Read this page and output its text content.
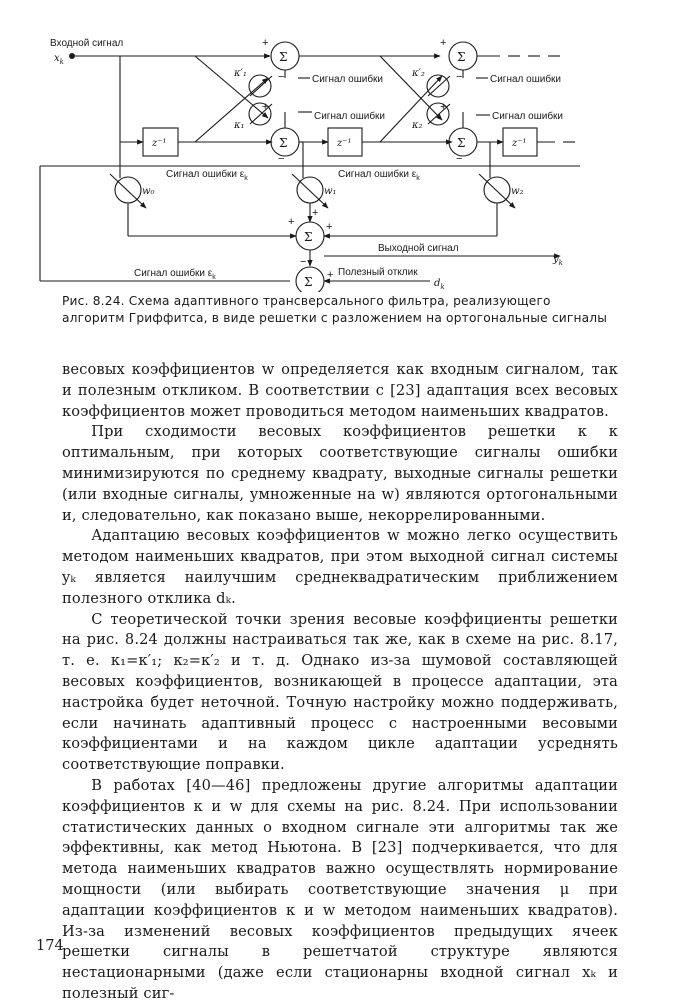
Входной сигнал
$x_k$
Сигнал ошибки
Сигнал ошибки
Сигнал ошибки
Сигнал ошибки
Сигнал ошибки $\varepsilon_k$	Сигнал ошибки $\varepsilon_k$
Сигнал ошибки $\varepsilon_k$
Выходной сигнал
$y_k$
Полезный отклик
$d_k$
Σ
Σ
Σ
Σ
Σ
Σ
z⁻¹	z⁻¹	z⁻¹
κ′₁
κ₁
κ′₂
κ₂
w₀	w₁	w₂
+
−
+
−
+
−
+
−
+
+
+
−
+

Рис. 8.24. Схема адаптивного трансверсального фильтра, реализующего алгоритм Гриффитса, в виде решетки с разложением на ортогональные сигналы

весовых коэффициентов w определяется как входным сигналом, так и полезным откликом. В соответствии с [23] адаптация всех весовых коэффициентов может проводиться методом наименьших квадратов.

При сходимости весовых коэффициентов решетки κ к оптимальным, при которых соответствующие сигналы ошибки минимизируются по среднему квадрату, выходные сигналы решетки (или входные сигналы, умноженные на w) являются ортогональными и, следовательно, как показано выше, некоррелированными.

Адаптацию весовых коэффициентов w можно легко осуществить методом наименьших квадратов, при этом выходной сигнал системы yₖ является наилучшим среднеквадратическим приближением полезного отклика dₖ.

С теоретической точки зрения весовые коэффициенты решетки на рис. 8.24 должны настраиваться так же, как в схеме на рис. 8.17, т. е. κ₁=κ′₁; κ₂=κ′₂ и т. д. Однако из-за шумовой составляющей весовых коэффициентов, возникающей в процессе адаптации, эта настройка будет неточной. Точную настройку можно поддерживать, если начинать адаптивный процесс с настроенными весовыми коэффициентами и на каждом цикле адаптации усреднять соответствующие поправки.

В работах [40—46] предложены другие алгоритмы адаптации коэффициентов κ и w для схемы на рис. 8.24. При использовании статистических данных о входном сигнале эти алгоритмы так же эффективны, как метод Ньютона. В [23] подчеркивается, что для метода наименьших квадратов важно осуществлять нормирование мощности (или выбирать соответствующие значения μ при адаптации коэффициентов κ и w методом наименьших квадратов). Из-за изменений весовых коэффициентов предыдущих ячеек решетки сигналы в решетчатой структуре являются нестационарными (даже если стационарны входной сигнал xₖ и полезный сиг-

174
